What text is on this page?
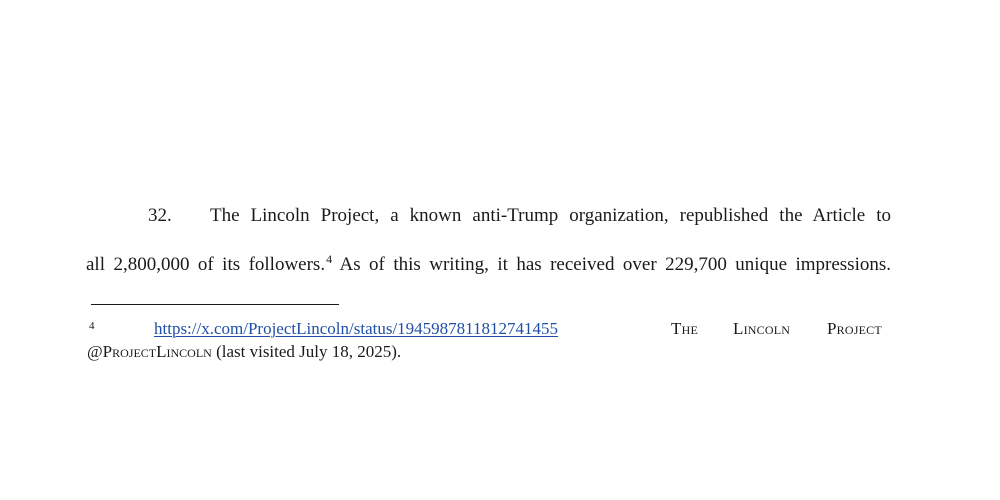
32. The Lincoln Project, a known anti-Trump organization, republished the Article to
all 2,800,000 of its followers.$^4$ As of this writing, it has received over 229,700 unique impressions.
4	https://x.com/ProjectLincoln/status/1945987811812741455	The Lincoln Project
@ProjectLincoln (last visited July 18, 2025).
